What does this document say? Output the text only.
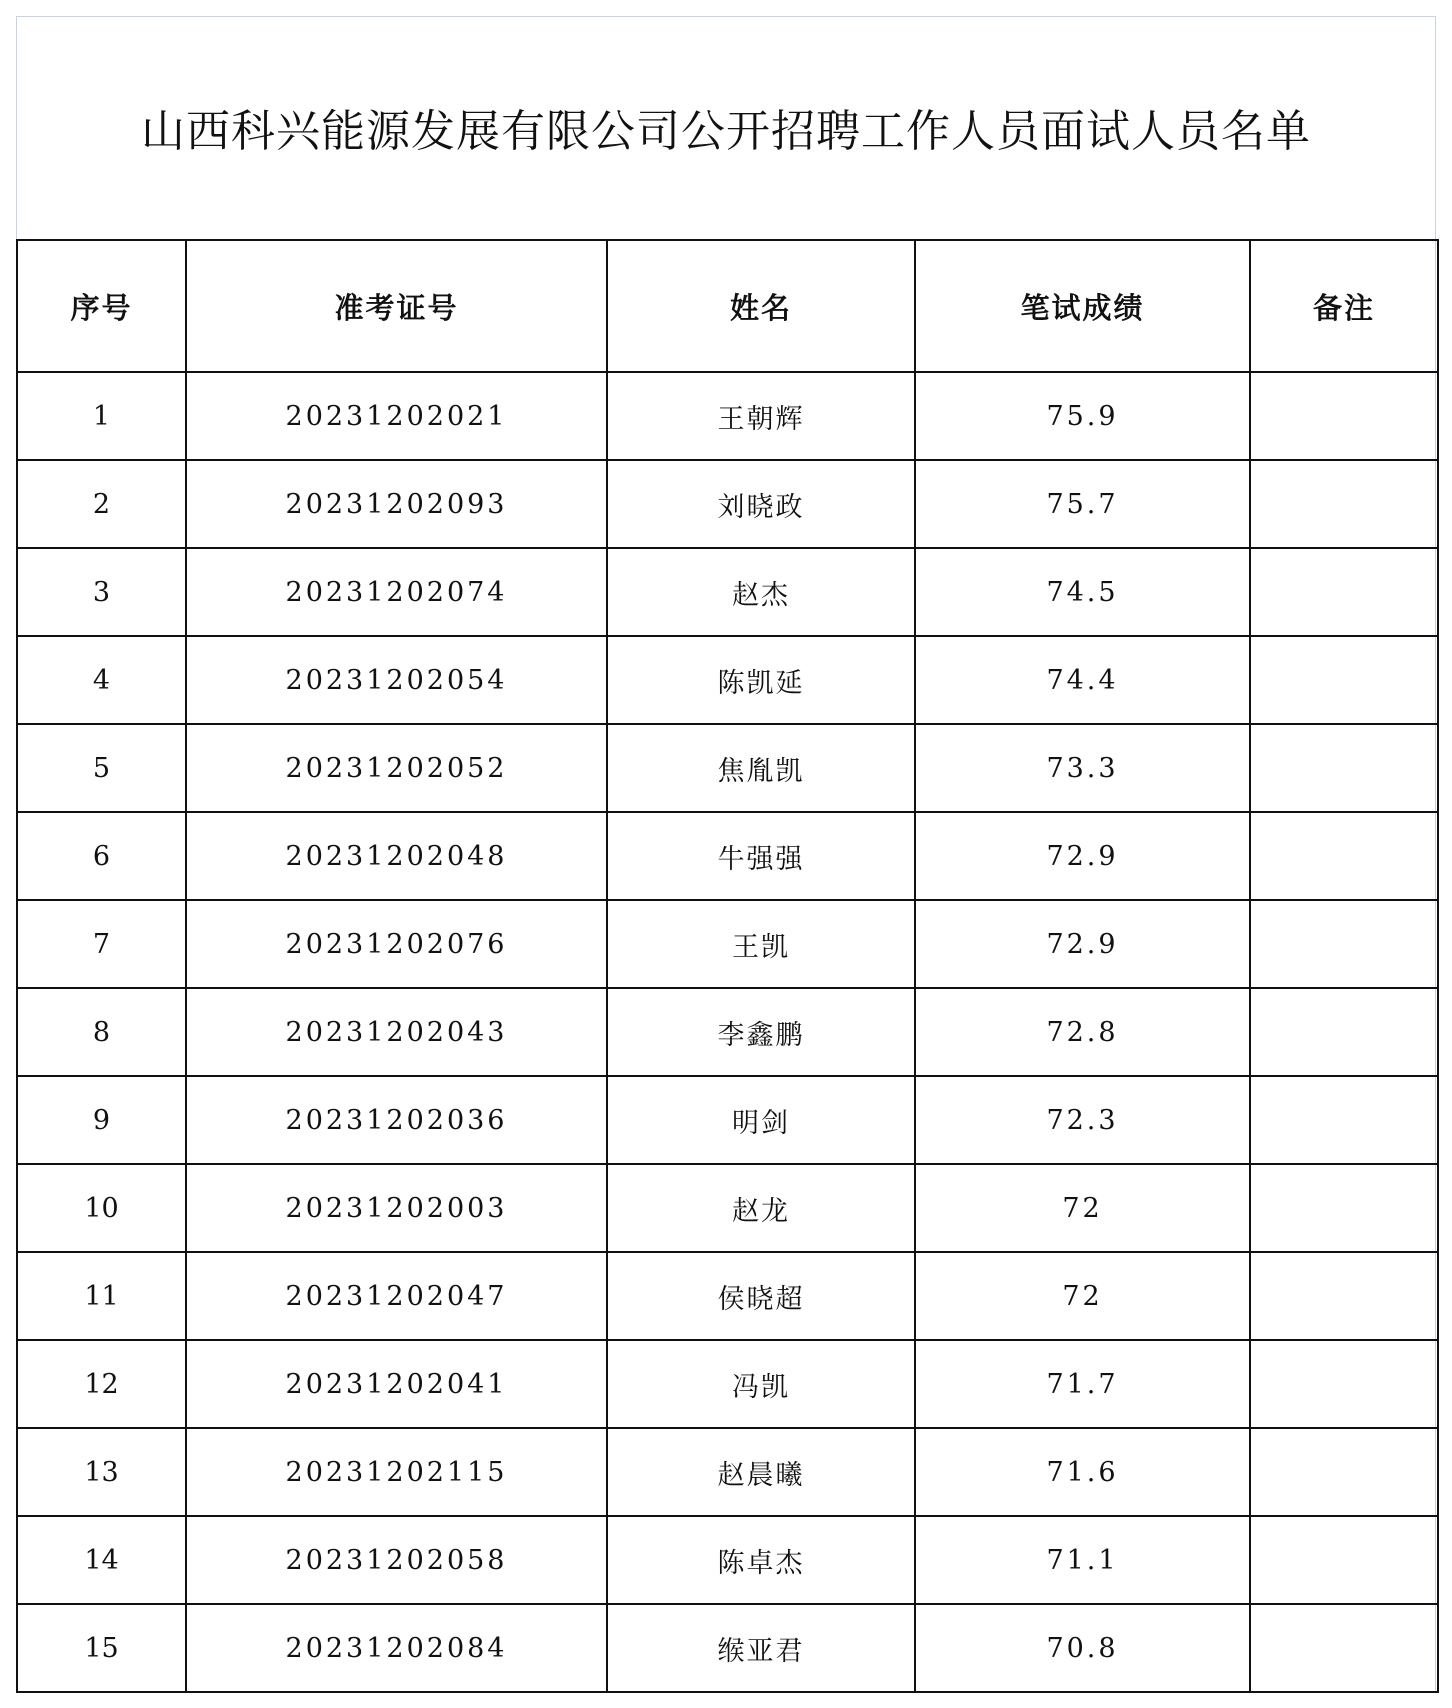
山西科兴能源发展有限公司公开招聘工作人员面试人员名单
序号	准考证号	姓名	笔试成绩	备注
1	20231202021	王朝辉	75.9	
2	20231202093	刘晓政	75.7	
3	20231202074	赵杰	74.5	
4	20231202054	陈凯延	74.4	
5	20231202052	焦胤凯	73.3	
6	20231202048	牛强强	72.9	
7	20231202076	王凯	72.9	
8	20231202043	李鑫鹏	72.8	
9	20231202036	明剑	72.3	
10	20231202003	赵龙	72	
11	20231202047	侯晓超	72	
12	20231202041	冯凯	71.7	
13	20231202115	赵晨曦	71.6	
14	20231202058	陈卓杰	71.1	
15	20231202084	缑亚君	70.8	
